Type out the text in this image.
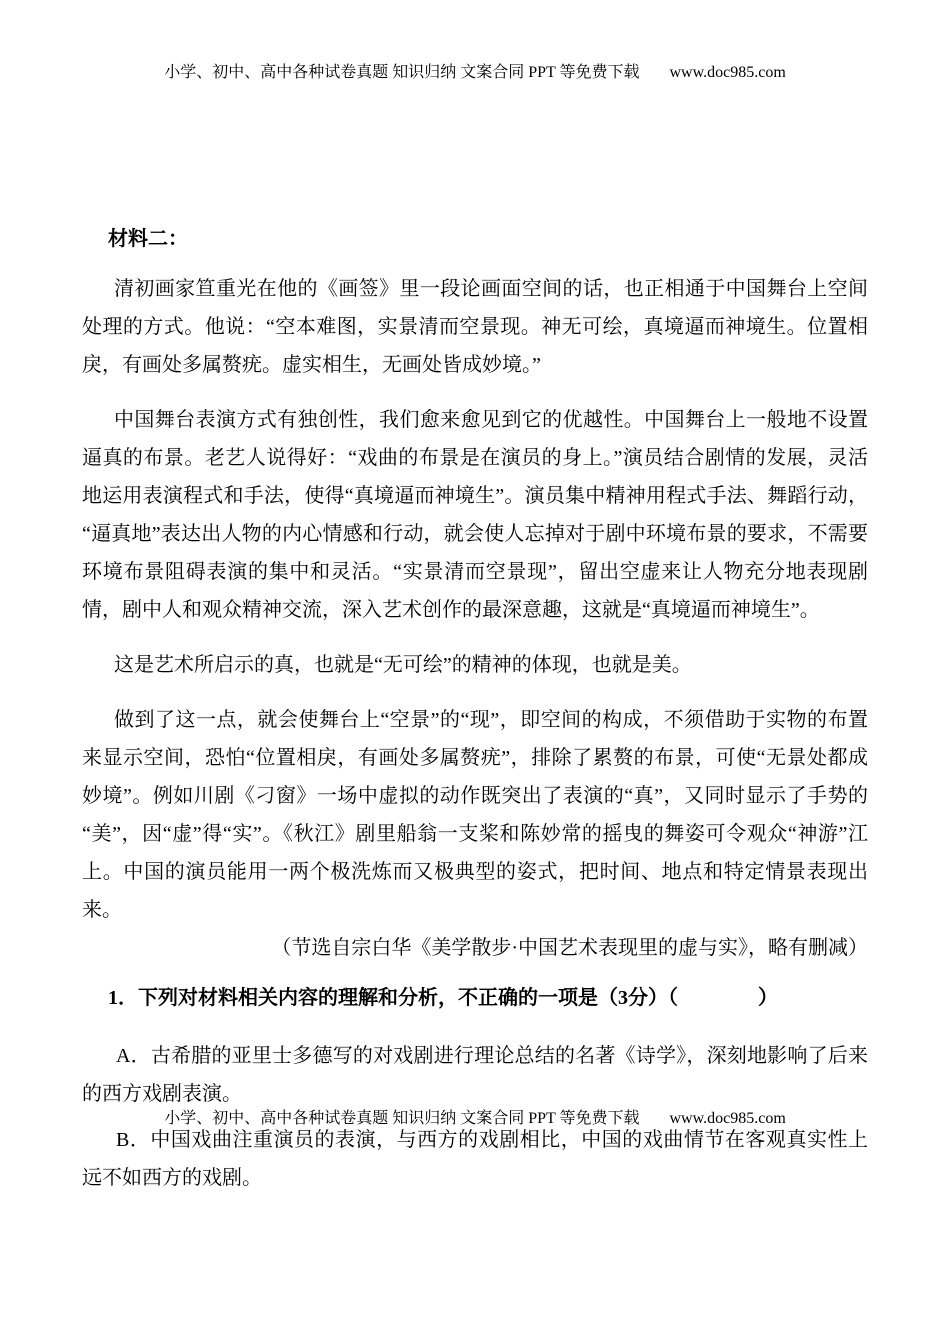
小学、初中、高中各种试卷真题 知识归纳 文案合同 PPT 等免费下载 www.doc985.com
材料二：

清初画家笪重光在他的《画签》里一段论画面空间的话，也正相通于中国舞台上空间处理的方式。他说：“空本难图，实景清而空景现。神无可绘，真境逼而神境生。位置相戾，有画处多属赘疣。虚实相生，无画处皆成妙境。”

中国舞台表演方式有独创性，我们愈来愈见到它的优越性。中国舞台上一般地不设置逼真的布景。老艺人说得好：“戏曲的布景是在演员的身上。”演员结合剧情的发展，灵活地运用表演程式和手法，使得“真境逼而神境生”。演员集中精神用程式手法、舞蹈行动，“逼真地”表达出人物的内心情感和行动，就会使人忘掉对于剧中环境布景的要求，不需要环境布景阻碍表演的集中和灵活。“实景清而空景现”，留出空虚来让人物充分地表现剧情，剧中人和观众精神交流，深入艺术创作的最深意趣，这就是“真境逼而神境生”。

这是艺术所启示的真，也就是“无可绘”的精神的体现，也就是美。

做到了这一点，就会使舞台上“空景”的“现”，即空间的构成，不须借助于实物的布置来显示空间，恐怕“位置相戾，有画处多属赘疣”，排除了累赘的布景，可使“无景处都成妙境”。例如川剧《刁窗》一场中虚拟的动作既突出了表演的“真”，又同时显示了手势的“美”，因“虚”得“实”。《秋江》剧里船翁一支桨和陈妙常的摇曳的舞姿可令观众“神游”江上。中国的演员能用一两个极洗炼而又极典型的姿式，把时间、地点和特定情景表现出来。

（节选自宗白华《美学散步·中国艺术表现里的虚与实》，略有删减）

1．下列对材料相关内容的理解和分析，不正确的一项是（3分）（　　　　）

A．古希腊的亚里士多德写的对戏剧进行理论总结的名著《诗学》，深刻地影响了后来的西方戏剧表演。

B．中国戏曲注重演员的表演，与西方的戏剧相比，中国的戏曲情节在客观真实性上远不如西方的戏剧。

小学、初中、高中各种试卷真题 知识归纳 文案合同 PPT 等免费下载 www.doc985.com
